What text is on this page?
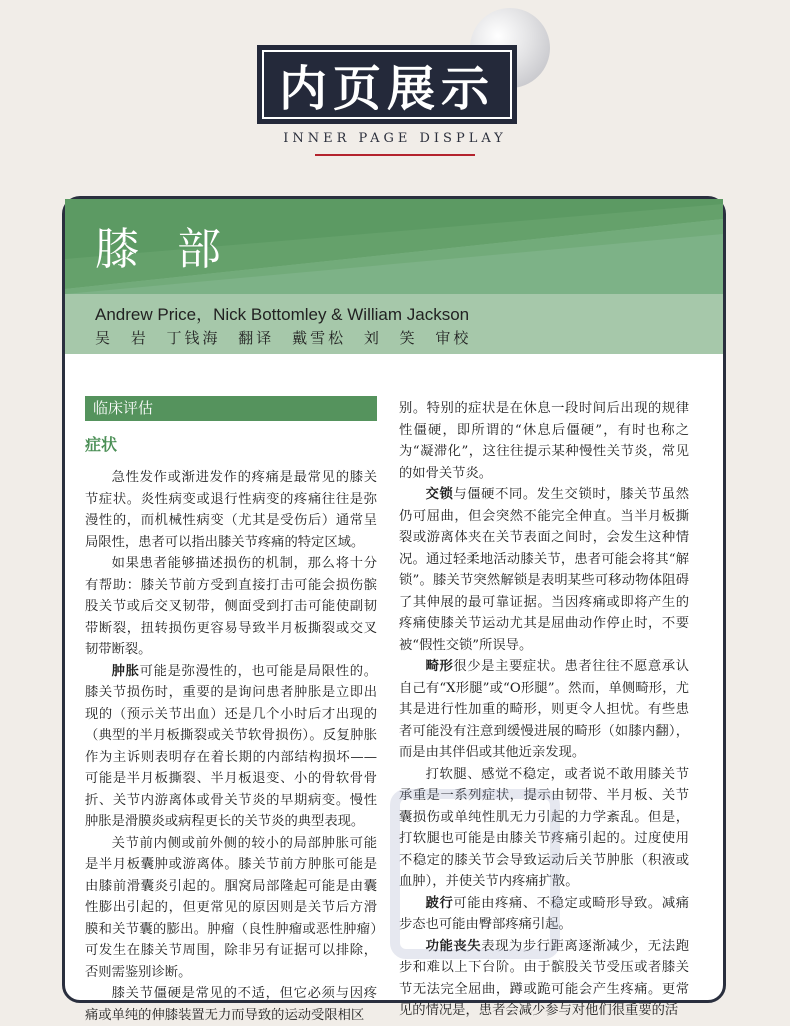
内页展示
INNER PAGE DISPLAY
膝部
Andrew Price，Nick Bottomley & William Jackson
吴 岩 丁钱海 翻译 戴雪松 刘 笑 审校
临床评估
症状

急性发作或渐进发作的疼痛是最常见的膝关节症状。炎性病变或退行性病变的疼痛往往是弥漫性的，而机械性病变（尤其是受伤后）通常呈局限性，患者可以指出膝关节疼痛的特定区域。

如果患者能够描述损伤的机制，那么将十分有帮助：膝关节前方受到直接打击可能会损伤髌股关节或后交叉韧带，侧面受到打击可能使副韧带断裂，扭转损伤更容易导致半月板撕裂或交叉韧带断裂。

肿胀可能是弥漫性的，也可能是局限性的。膝关节损伤时，重要的是询问患者肿胀是立即出现的（预示关节出血）还是几个小时后才出现的（典型的半月板撕裂或关节软骨损伤）。反复肿胀作为主诉则表明存在着长期的内部结构损坏——可能是半月板撕裂、半月板退变、小的骨软骨骨折、关节内游离体或骨关节炎的早期病变。慢性肿胀是滑膜炎或病程更长的关节炎的典型表现。

关节前内侧或前外侧的较小的局部肿胀可能是半月板囊肿或游离体。膝关节前方肿胀可能是由膝前滑囊炎引起的。腘窝局部隆起可能是由囊性膨出引起的，但更常见的原因则是关节后方滑膜和关节囊的膨出。肿瘤（良性肿瘤或恶性肿瘤）可发生在膝关节周围，除非另有证据可以排除，否则需鉴别诊断。

膝关节僵硬是常见的不适，但它必须与因疼痛或单纯的伸膝装置无力而导致的运动受限相区

别。特别的症状是在休息一段时间后出现的规律性僵硬，即所谓的“休息后僵硬”，有时也称之为“凝滞化”，这往往提示某种慢性关节炎，常见的如骨关节炎。

交锁与僵硬不同。发生交锁时，膝关节虽然仍可屈曲，但会突然不能完全伸直。当半月板撕裂或游离体夹在关节表面之间时，会发生这种情况。通过轻柔地活动膝关节，患者可能会将其“解锁”。膝关节突然解锁是表明某些可移动物体阻碍了其伸展的最可靠证据。当因疼痛或即将产生的疼痛使膝关节运动尤其是屈曲动作停止时，不要被“假性交锁”所误导。

畸形很少是主要症状。患者往往不愿意承认自己有“X形腿”或“O形腿”。然而，单侧畸形，尤其是进行性加重的畸形，则更令人担忧。有些患者可能没有注意到缓慢进展的畸形（如膝内翻），而是由其伴侣或其他近亲发现。

打软腿、感觉不稳定，或者说不敢用膝关节承重是一系列症状，提示由韧带、半月板、关节囊损伤或单纯性肌无力引起的力学紊乱。但是，打软腿也可能是由膝关节疼痛引起的。过度使用不稳定的膝关节会导致运动后关节肿胀（积液或血肿），并使关节内疼痛扩散。

跛行可能由疼痛、不稳定或畸形导致。减痛步态也可能由臀部疼痛引起。

功能丧失表现为步行距离逐渐减少，无法跑步和难以上下台阶。由于髌股关节受压或者膝关节无法完全屈曲，蹲或跪可能会产生疼痛。更常见的情况是，患者会减少参与对他们很重要的活
